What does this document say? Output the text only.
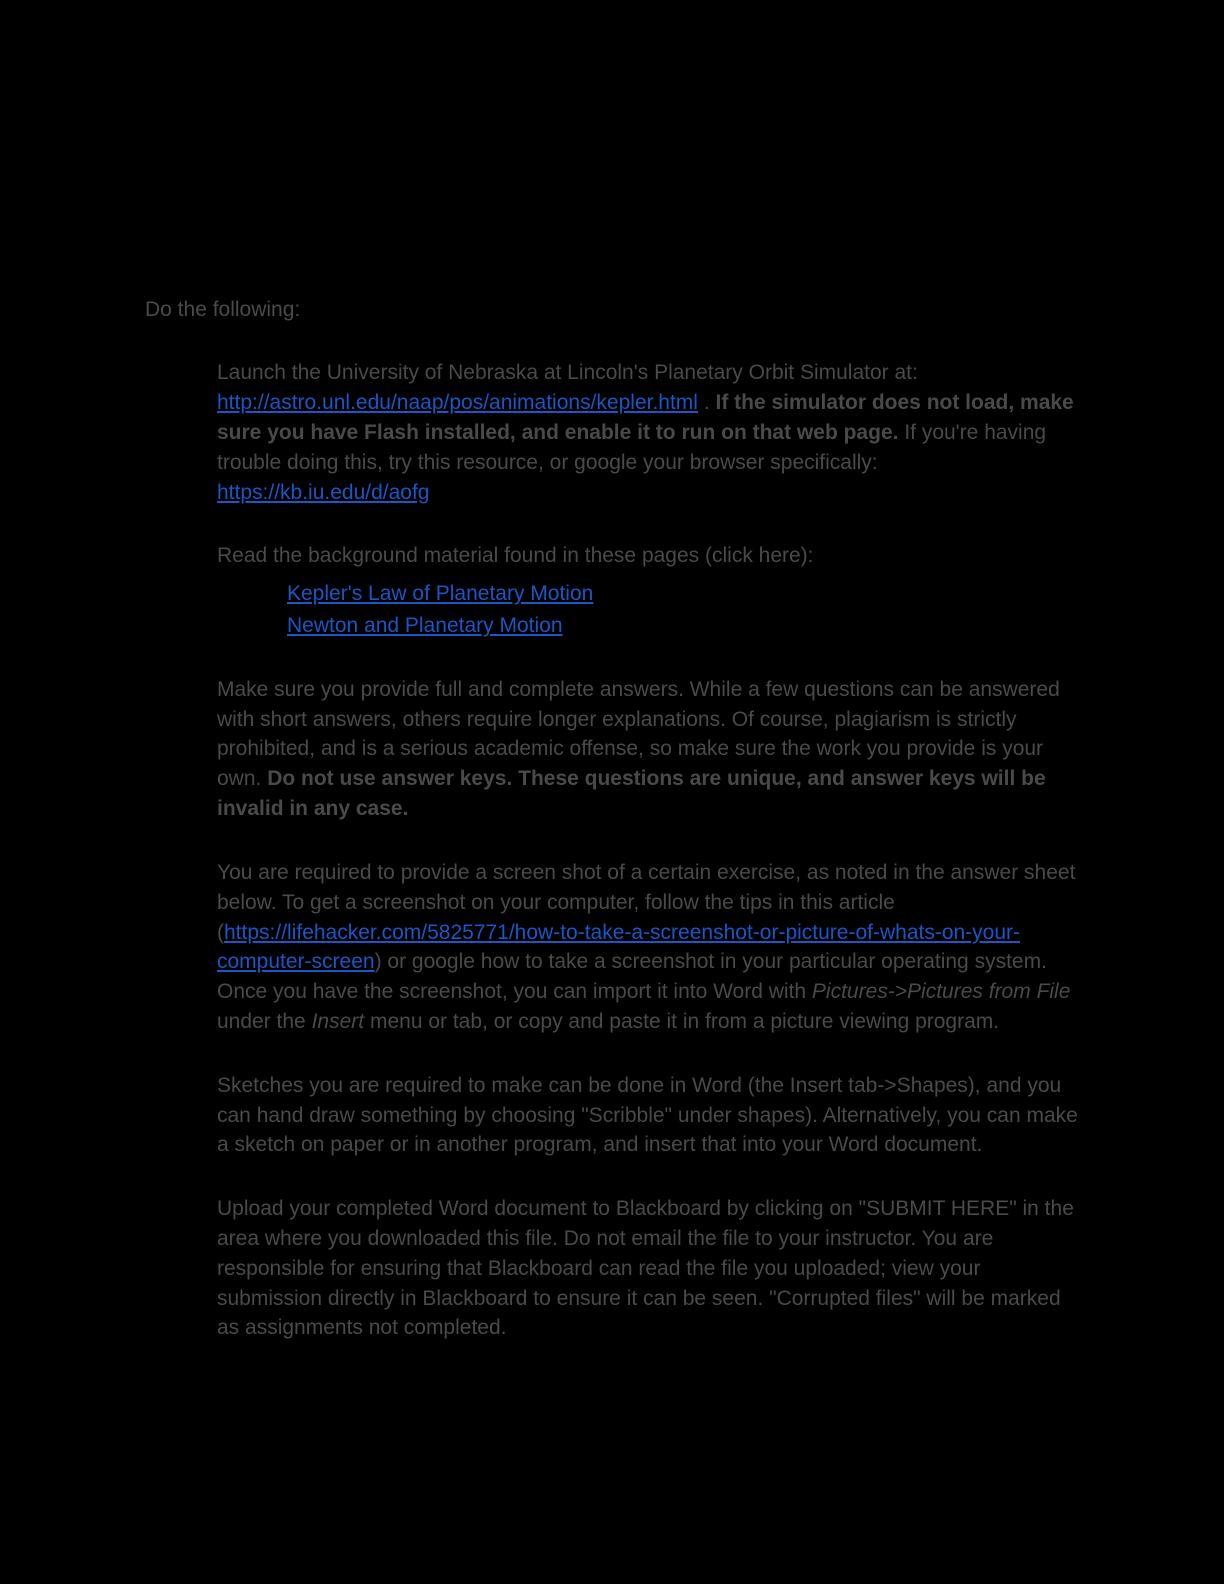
Do the following:

Launch the University of Nebraska at Lincoln's Planetary Orbit Simulator at: http://astro.unl.edu/naap/pos/animations/kepler.html . If the simulator does not load, make sure you have Flash installed, and enable it to run on that web page. If you're having trouble doing this, try this resource, or google your browser specifically: https://kb.iu.edu/d/aofg

Read the background material found in these pages (click here):

Kepler's Law of Planetary Motion
Newton and Planetary Motion

Make sure you provide full and complete answers. While a few questions can be answered with short answers, others require longer explanations. Of course, plagiarism is strictly prohibited, and is a serious academic offense, so make sure the work you provide is your own. Do not use answer keys. These questions are unique, and answer keys will be invalid in any case.

You are required to provide a screen shot of a certain exercise, as noted in the answer sheet below. To get a screenshot on your computer, follow the tips in this article (https://lifehacker.com/5825771/how-to-take-a-screenshot-or-picture-of-whats-on-your-computer-screen) or google how to take a screenshot in your particular operating system. Once you have the screenshot, you can import it into Word with Pictures->Pictures from File under the Insert menu or tab, or copy and paste it in from a picture viewing program.

Sketches you are required to make can be done in Word (the Insert tab->Shapes), and you can hand draw something by choosing "Scribble" under shapes). Alternatively, you can make a sketch on paper or in another program, and insert that into your Word document.

Upload your completed Word document to Blackboard by clicking on "SUBMIT HERE" in the area where you downloaded this file. Do not email the file to your instructor. You are responsible for ensuring that Blackboard can read the file you uploaded; view your submission directly in Blackboard to ensure it can be seen. "Corrupted files" will be marked as assignments not completed.
